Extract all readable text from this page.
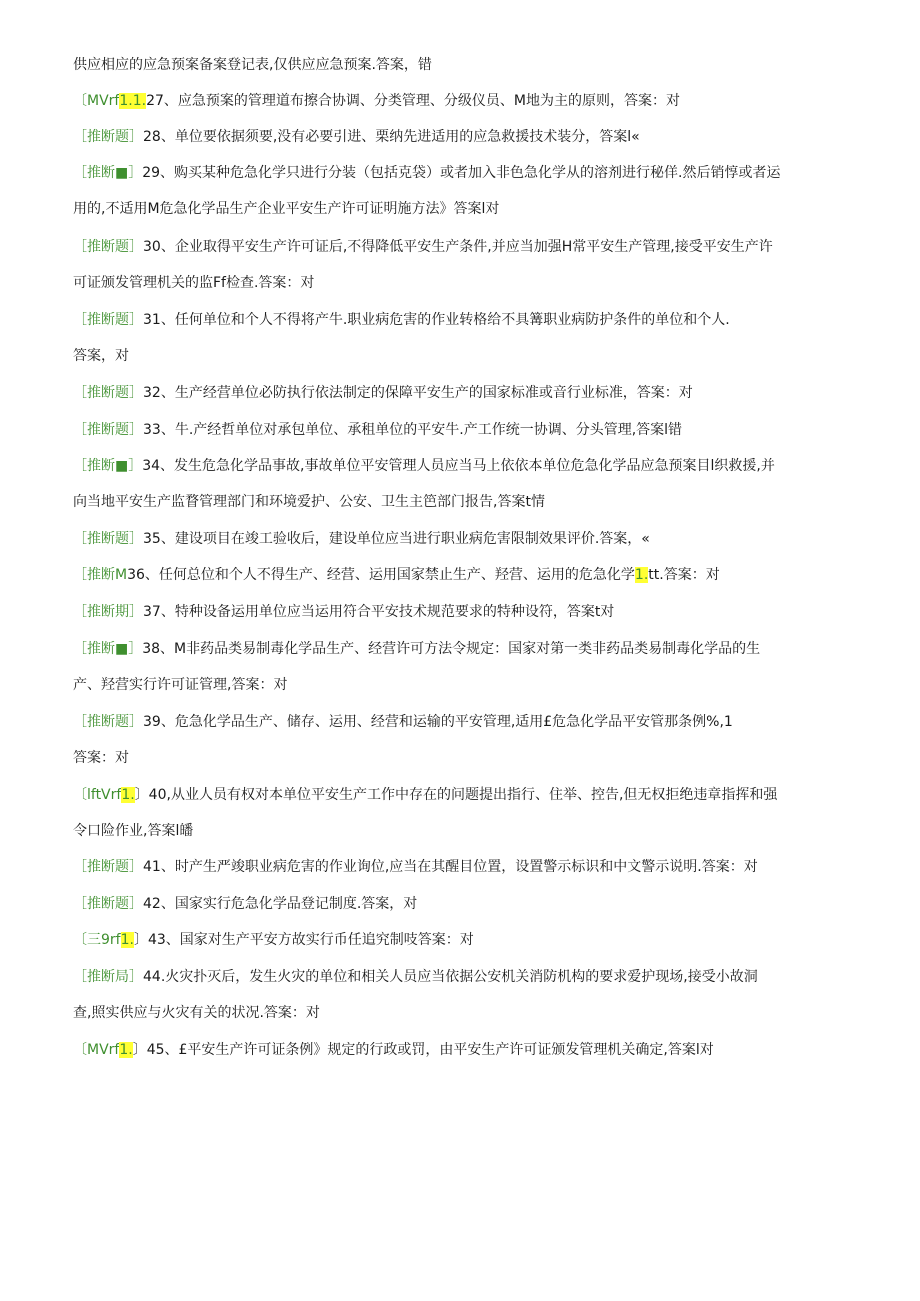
供应相应的应急预案备案登记表,仅供应应急预案.答案，错
〔MVrf1.1.27、应急预案的管理道布擦合协调、分类管理、分级仪员、M地为主的原则，答案：对
［推断题］28、单位要依据须要,没有必要引进、栗纳先进适用的应急救援技术装分，答案l«
［推断■］29、购买某种危急化学只进行分装（包括克袋）或者加入非色急化学从的溶剂进行秘佯.然后销惇或者运
用的,不适用M危急化学品生产企业平安生产许可证明施方法》答案l对
［推断题］30、企业取得平安生产许可证后,不得降低平安生产条件,并应当加强H常平安生产管理,接受平安生产许
可证颁发管理机关的监Ff检查.答案：对
［推断题］31、任何单位和个人不得将产牛.职业病危害的作业转格给不具篝职业病防护条件的单位和个人.
答案，对
［推断题］32、生产经营单位必防执行依法制定的保障平安生产的国家标准或音行业标准，答案：对
［推断题］33、牛.产经哲单位对承包单位、承租单位的平安牛.产工作统一协调、分头管理,答案l错
［推断■］34、发生危急化学品事故,事故单位平安管理人员应当马上依依本单位危急化学品应急预案目l织救援,并
向当地平安生产监瞀管理部门和环境爱护、公安、卫生主笆部门报告,答案t情
［推断题］35、建设项目在竣工验收后，建设单位应当进行职业病危害限制效果评价.答案，«
［推断M36、任何总位和个人不得生产、经营、运用国家禁止生产、羟营、运用的危急化学1.tt.答案：对
［推断期］37、特种设备运用单位应当运用符合平安技术规范要求的特种设符，答案t对
［推断■］38、M非药品类易制毒化学品生产、经营许可方法令规定：国家对第一类非药品类易制毒化学品的生
产、羟营实行许可证管理,答案：对
［推断题］39、危急化学品生产、储存、运用、经营和运输的平安管理,适用£危急化学品平安管那条例%,1
答案：对
〔lftVrf1.〕40,从业人员有权对本单位平安生产工作中存在的问题提出指行、住举、控告,但无权拒绝违章指挥和强
令口险作业,答案l皤
［推断题］41、时产生严竣职业病危害的作业询位,应当在其醒目位置，设置警示标识和中文警示说明.答案：对
［推断题］42、国家实行危急化学品登记制度.答案，对
〔三9rf1.〕43、国家对生产平安方故实行币任追究制吱答案：对
［推断局］44.火灾扑灭后，发生火灾的单位和相关人员应当依据公安机关消防机构的要求爱护现场,接受小故洞
查,照实供应与火灾有关的状况.答案：对
〔MVrf1.〕45、£平安生产许可证条例》规定的行政或罚，由平安生产许可证颁发管理机关确定,答案l对
